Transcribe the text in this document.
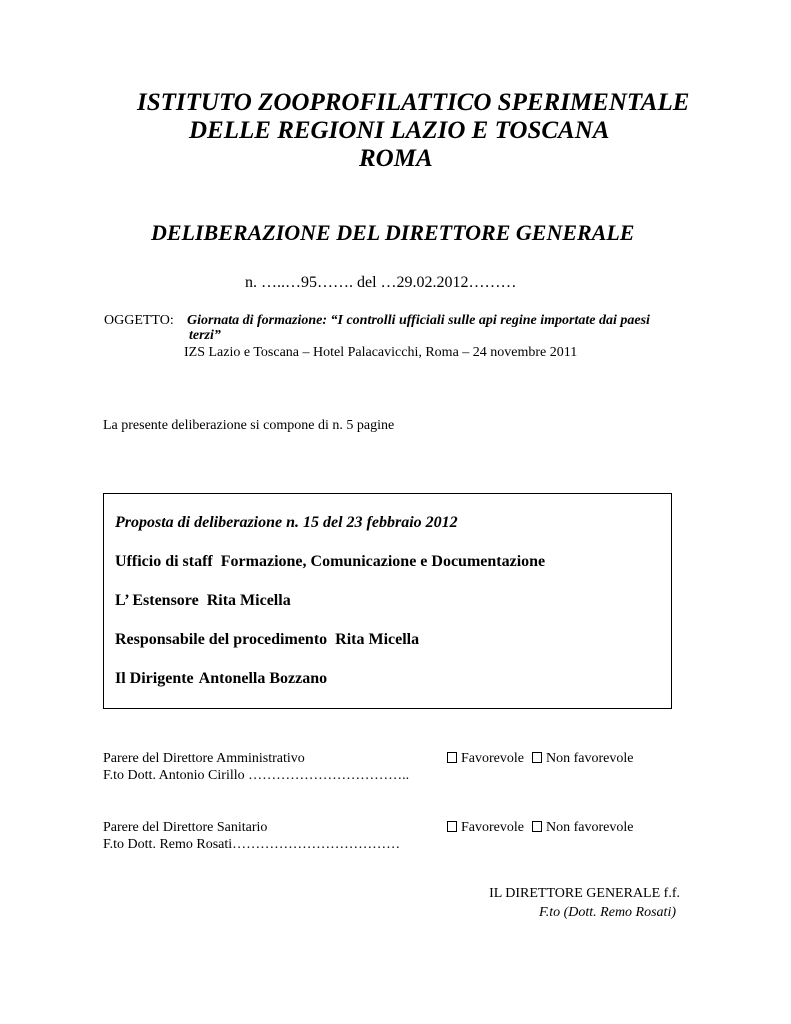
ISTITUTO ZOOPROFILATTICO SPERIMENTALE
DELLE REGIONI LAZIO E TOSCANA
ROMA
DELIBERAZIONE DEL DIRETTORE GENERALE
n. …..…95……. del …29.02.2012………
OGGETTO: Giornata di formazione: “I controlli ufficiali sulle api regine importate dai paesi
terzi”
IZS Lazio e Toscana – Hotel Palacavicchi, Roma – 24 novembre 2011
La presente deliberazione si compone di n. 5 pagine
Proposta di deliberazione n. 15 del 23 febbraio 2012
Ufficio di staff Formazione, Comunicazione e Documentazione
L’ Estensore Rita Micella
Responsabile del procedimento Rita Micella
Il Dirigente Antonella Bozzano
Parere del Direttore Amministrativo
F.to Dott. Antonio Cirillo ……………………………..
Favorevole Non favorevole
Parere del Direttore Sanitario
F.to Dott. Remo Rosati………………………………
Favorevole Non favorevole
IL DIRETTORE GENERALE f.f.
F.to (Dott. Remo Rosati)
